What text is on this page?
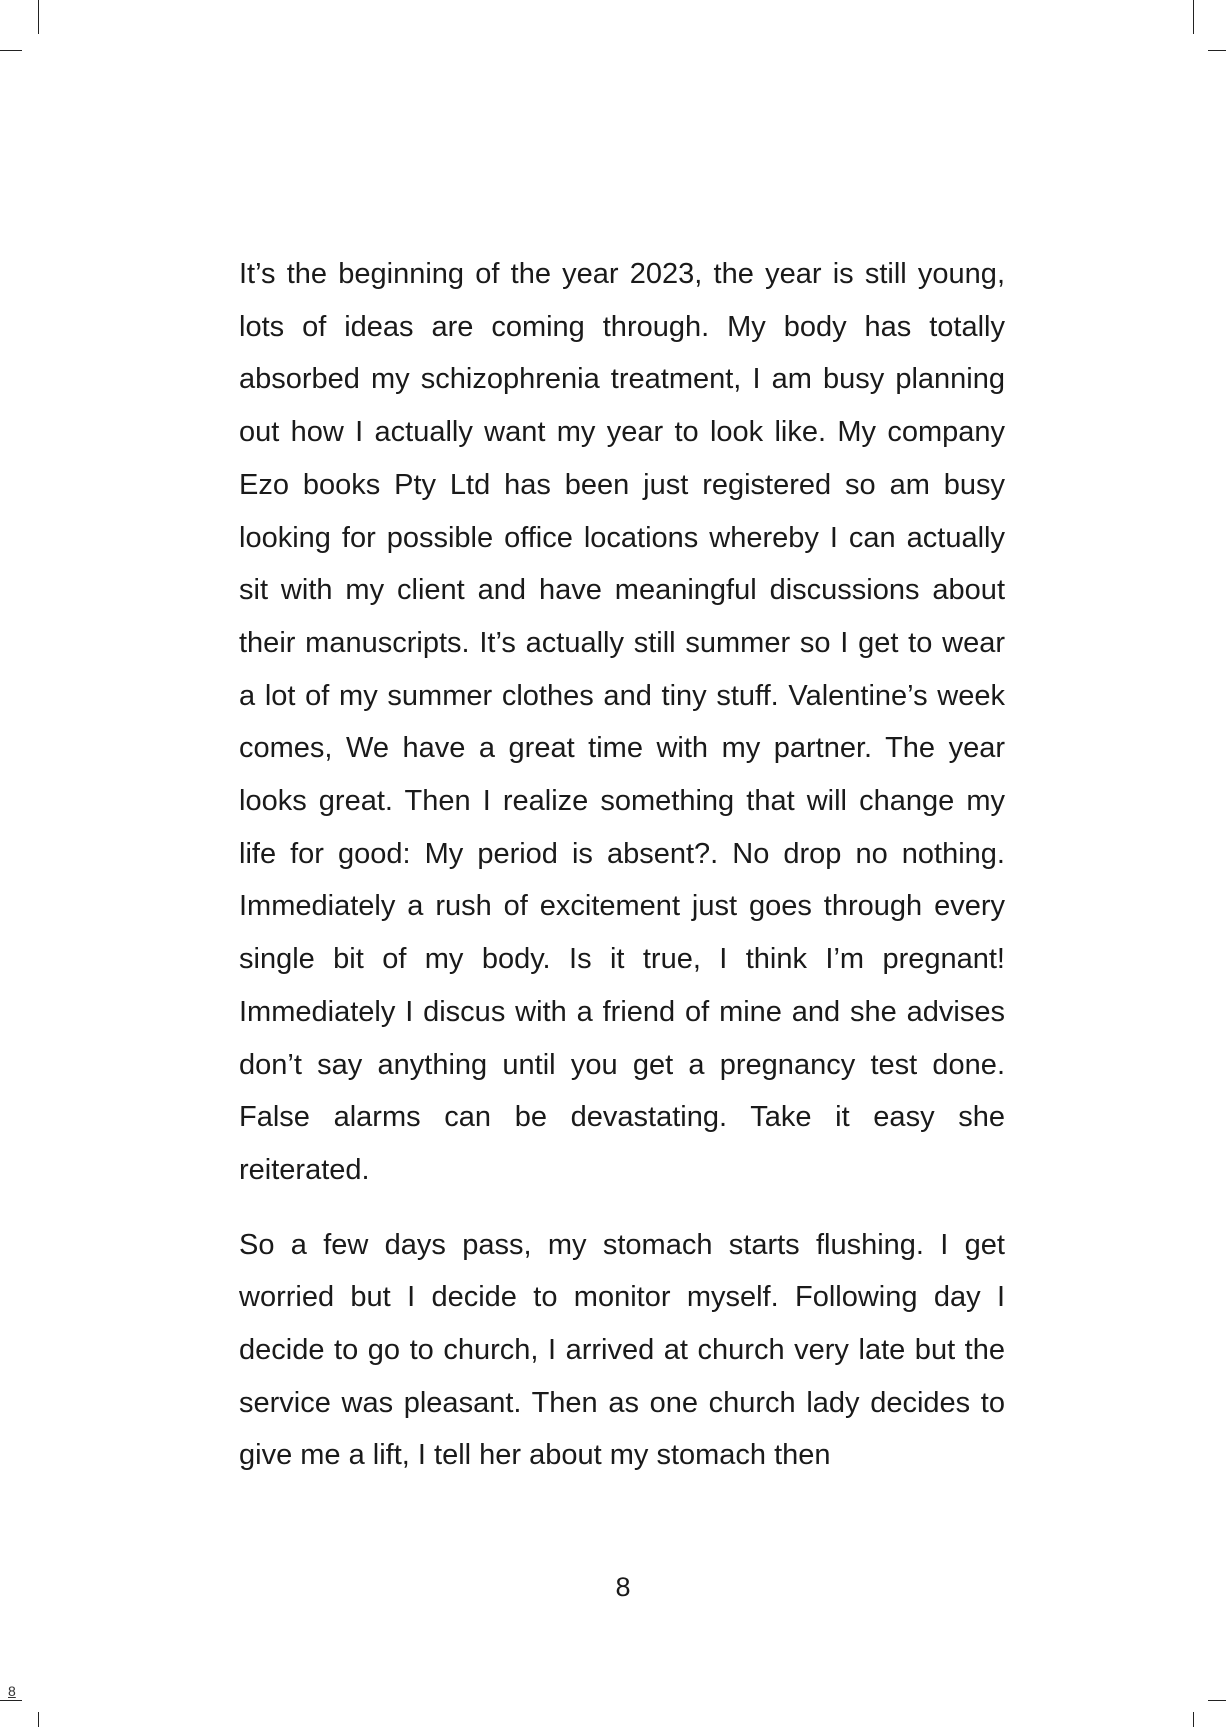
It’s the beginning of the year 2023, the year is still young, lots of ideas are coming through. My body has totally absorbed my schizophrenia treatment, I am busy planning out how I actually want my year to look like. My company Ezo books Pty Ltd has been just registered so am busy looking for possible office locations whereby I can actually sit with my client and have meaningful discussions about their manuscripts. It’s actually still summer so I get to wear a lot of my summer clothes and tiny stuff. Valentine’s week comes, We have a great time with my partner. The year looks great. Then I realize something that will change my life for good: My period is absent?. No drop no nothing. Immediately a rush of excitement just goes through every single bit of my body. Is it true, I think I’m pregnant! Immediately I discus with a friend of mine and she advises don’t say anything until you get a pregnancy test done. False alarms can be devastating. Take it easy she reiterated.

So a few days pass, my stomach starts flushing. I get worried but I decide to monitor myself. Following day I decide to go to church, I arrived at church very late but the service was pleasant. Then as one church lady decides to give me a lift, I tell her about my stomach then

8
8
